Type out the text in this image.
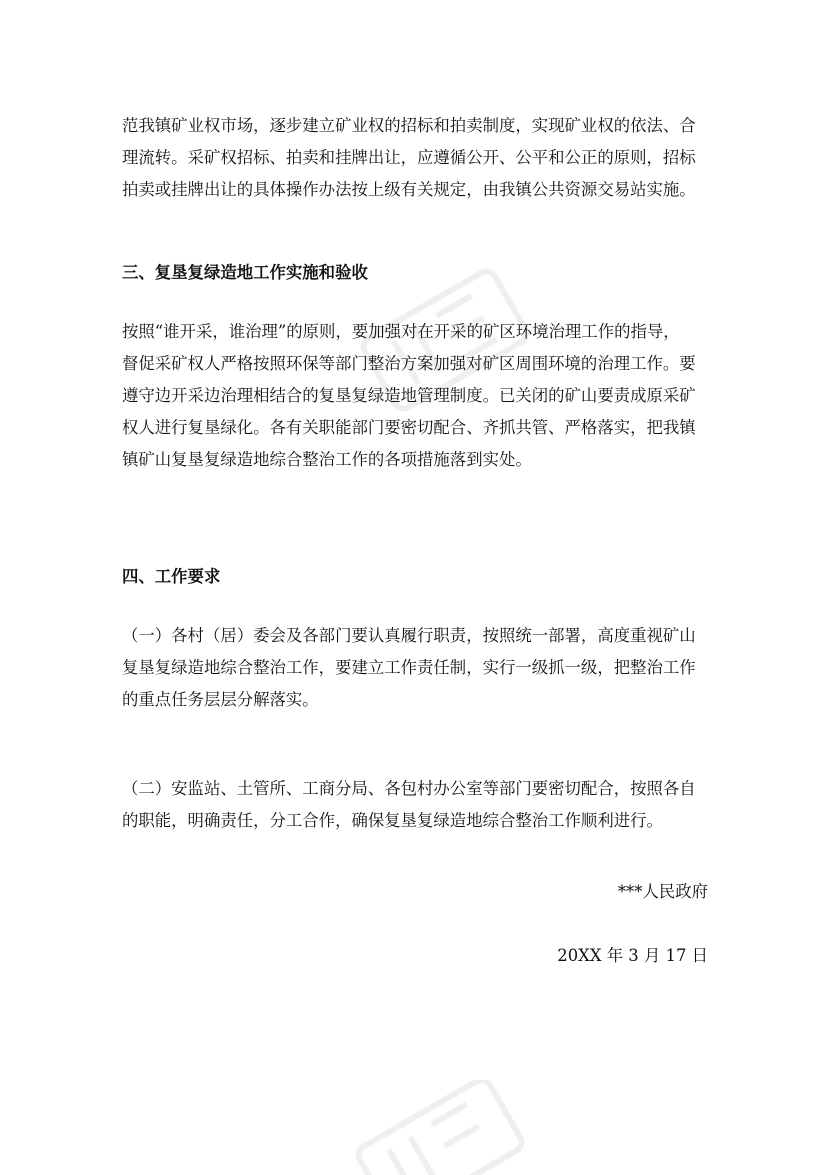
范我镇矿业权市场，逐步建立矿业权的招标和拍卖制度，实现矿业权的依法、合
理流转。采矿权招标、拍卖和挂牌出让，应遵循公开、公平和公正的原则，招标
拍卖或挂牌出让的具体操作办法按上级有关规定，由我镇公共资源交易站实施。

三、复垦复绿造地工作实施和验收

按照“谁开采，谁治理”的原则，要加强对在开采的矿区环境治理工作的指导，
督促采矿权人严格按照环保等部门整治方案加强对矿区周围环境的治理工作。要
遵守边开采边治理相结合的复垦复绿造地管理制度。已关闭的矿山要责成原采矿
权人进行复垦绿化。各有关职能部门要密切配合、齐抓共管、严格落实，把我镇
镇矿山复垦复绿造地综合整治工作的各项措施落到实处。

四、工作要求

（一）各村（居）委会及各部门要认真履行职责，按照统一部署，高度重视矿山
复垦复绿造地综合整治工作，要建立工作责任制，实行一级抓一级，把整治工作
的重点任务层层分解落实。

（二）安监站、土管所、工商分局、各包村办公室等部门要密切配合，按照各自
的职能，明确责任，分工合作，确保复垦复绿造地综合整治工作顺利进行。

***人民政府
20XX 年 3 月 17 日
